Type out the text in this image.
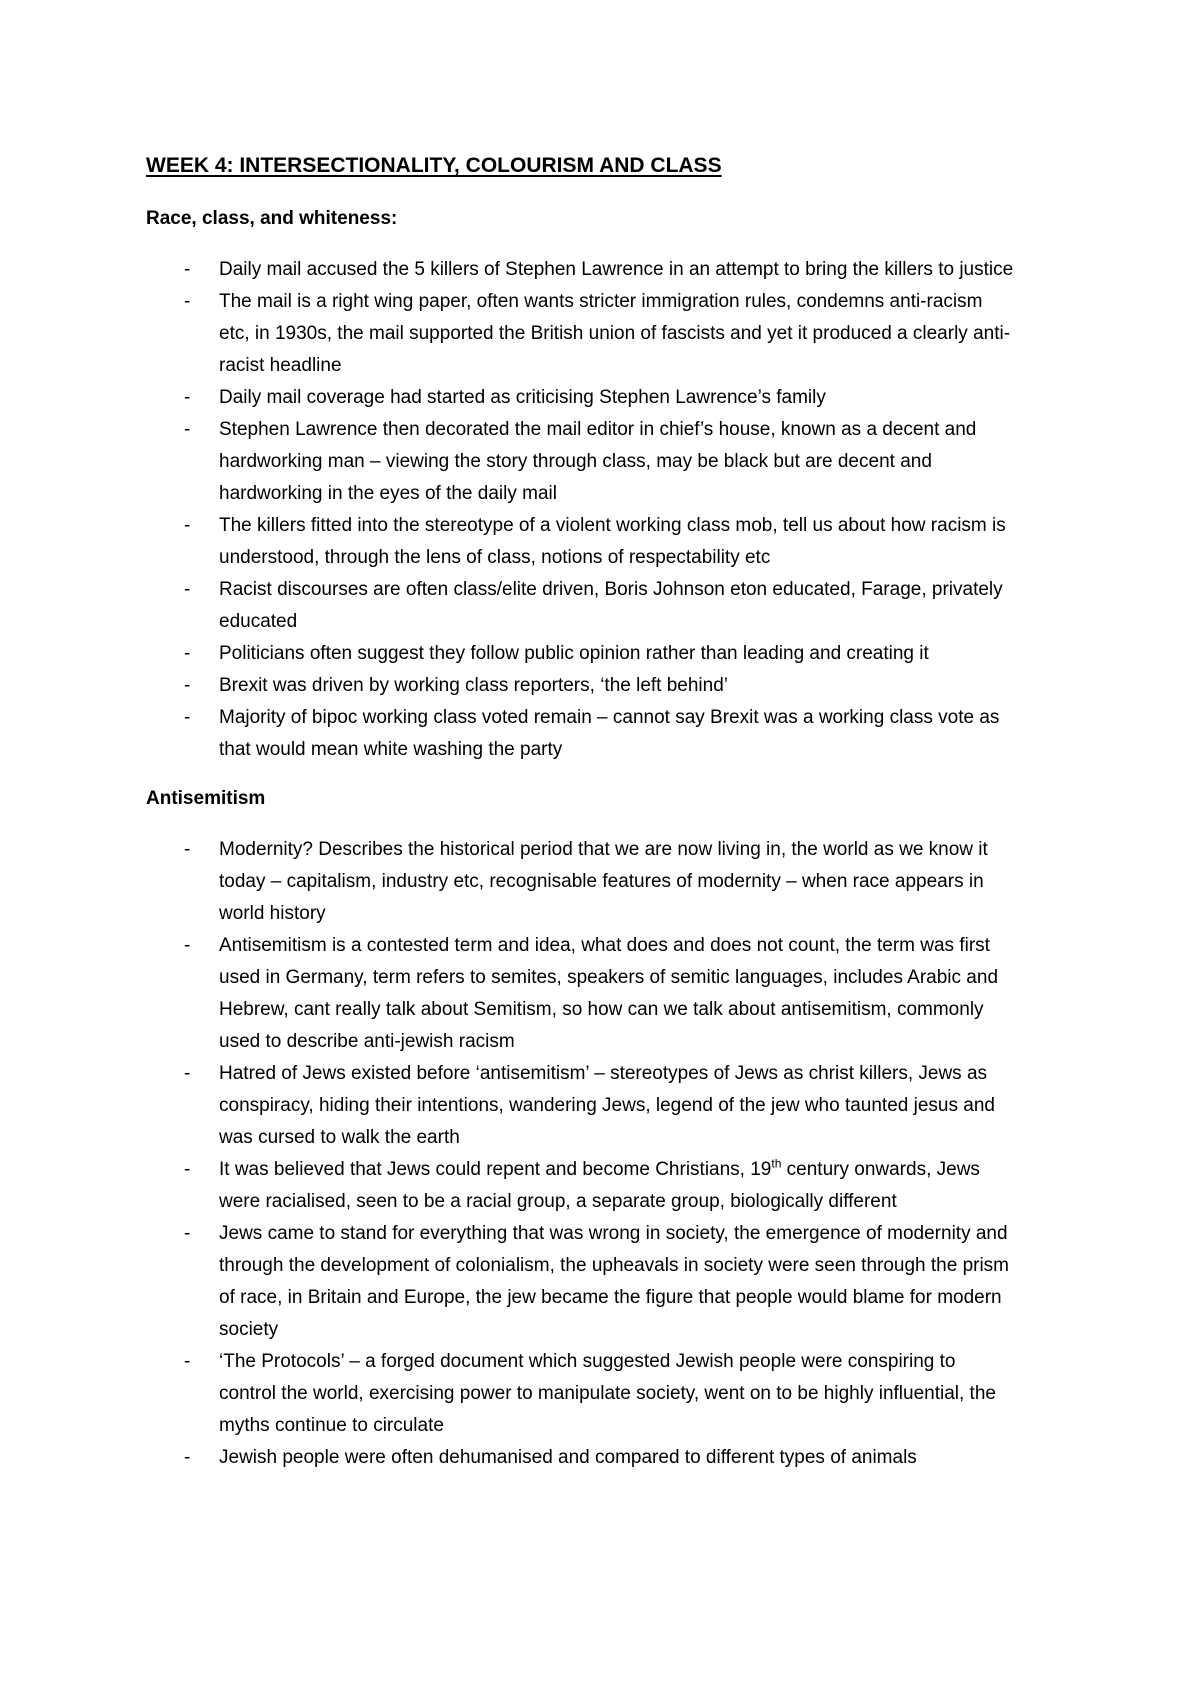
WEEK 4: INTERSECTIONALITY, COLOURISM AND CLASS
Race, class, and whiteness:
- Daily mail accused the 5 killers of Stephen Lawrence in an attempt to bring the killers to justice
- The mail is a right wing paper, often wants stricter immigration rules, condemns anti-racism etc, in 1930s, the mail supported the British union of fascists and yet it produced a clearly anti-racist headline
- Daily mail coverage had started as criticising Stephen Lawrence’s family
- Stephen Lawrence then decorated the mail editor in chief’s house, known as a decent and hardworking man – viewing the story through class, may be black but are decent and hardworking in the eyes of the daily mail
- The killers fitted into the stereotype of a violent working class mob, tell us about how racism is understood, through the lens of class, notions of respectability etc
- Racist discourses are often class/elite driven, Boris Johnson eton educated, Farage, privately educated
- Politicians often suggest they follow public opinion rather than leading and creating it
- Brexit was driven by working class reporters, ‘the left behind’
- Majority of bipoc working class voted remain – cannot say Brexit was a working class vote as that would mean white washing the party
Antisemitism
- Modernity? Describes the historical period that we are now living in, the world as we know it today – capitalism, industry etc, recognisable features of modernity – when race appears in world history
- Antisemitism is a contested term and idea, what does and does not count, the term was first used in Germany, term refers to semites, speakers of semitic languages, includes Arabic and Hebrew, cant really talk about Semitism, so how can we talk about antisemitism, commonly used to describe anti-jewish racism
- Hatred of Jews existed before ‘antisemitism’ – stereotypes of Jews as christ killers, Jews as conspiracy, hiding their intentions, wandering Jews, legend of the jew who taunted jesus and was cursed to walk the earth
- It was believed that Jews could repent and become Christians, 19th century onwards, Jews were racialised, seen to be a racial group, a separate group, biologically different
- Jews came to stand for everything that was wrong in society, the emergence of modernity and through the development of colonialism, the upheavals in society were seen through the prism of race, in Britain and Europe, the jew became the figure that people would blame for modern society
- ‘The Protocols’ – a forged document which suggested Jewish people were conspiring to control the world, exercising power to manipulate society, went on to be highly influential, the myths continue to circulate
- Jewish people were often dehumanised and compared to different types of animals
